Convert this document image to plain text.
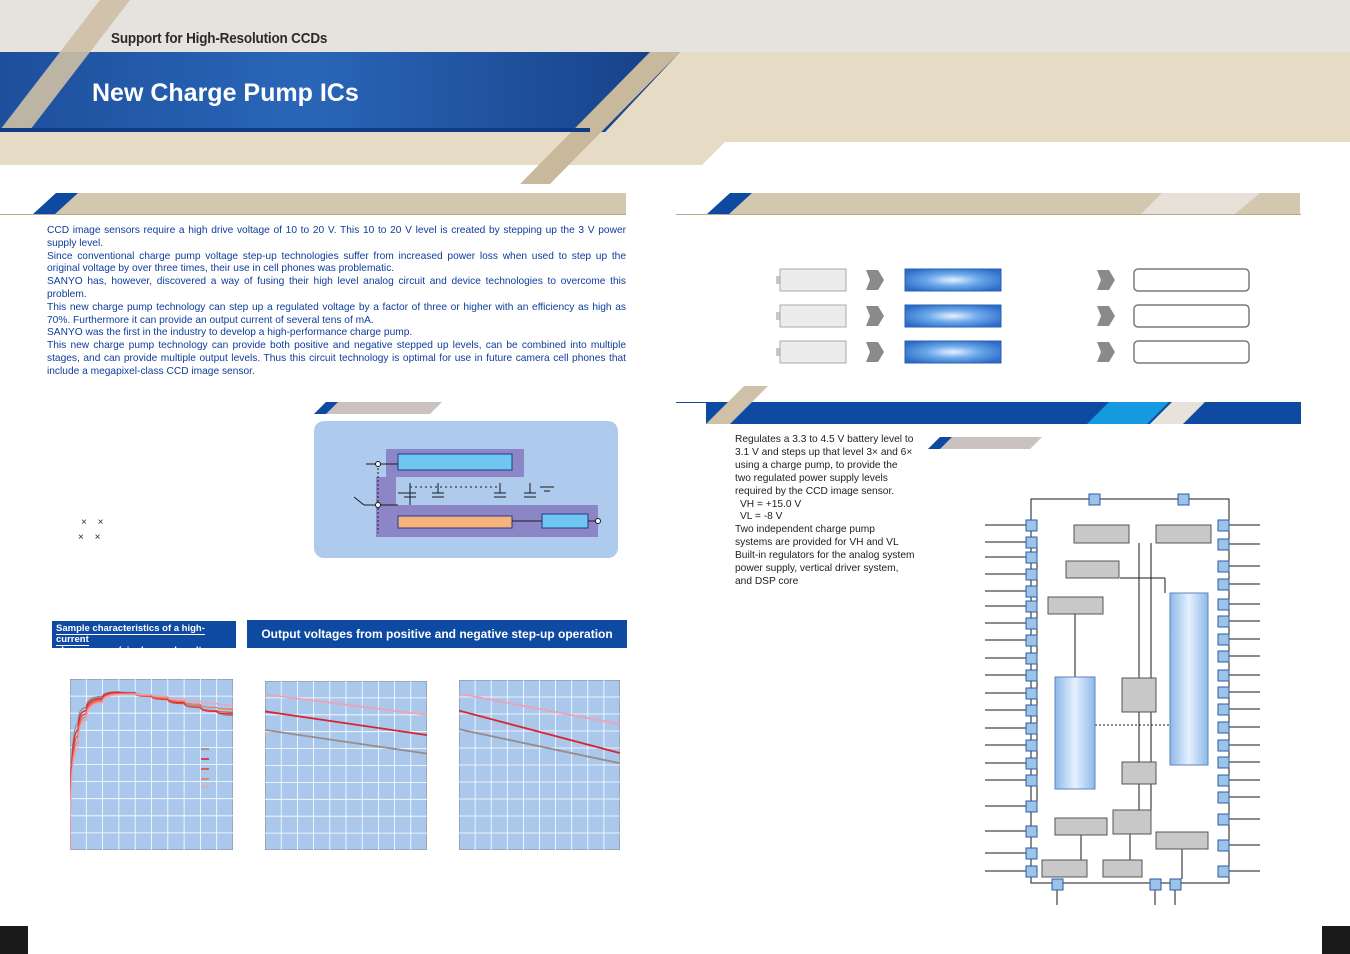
Support for High-Resolution CCDs
New Charge Pump ICs

CCD image sensors require a high drive voltage of 10 to 20 V. This 10 to 20 V level is created by stepping up the 3 V power supply level.

Since conventional charge pump voltage step-up technologies suffer from increased power loss when used to step up the original voltage by over three times, their use in cell phones was problematic.

SANYO has, however, discovered a way of fusing their high level analog circuit and device technologies to overcome this problem.

This new charge pump technology can step up a regulated voltage by a factor of three or higher with an efficiency as high as 70%. Furthermore it can provide an output current of several tens of mA.

SANYO was the first in the industry to develop a high-performance charge pump.

This new charge pump technology can provide both positive and negative stepped up levels, can be combined into multiple stages, and can provide multiple output levels. Thus this circuit technology is optimal for use in future camera cell phones that include a megapixel-class CCD image sensor.

× ×
× ×

Regulates a 3.3 to 4.5 V battery level to 3.1 V and steps up that level 3× and 6× using a charge pump, to provide the two regulated power supply levels required by the CCD image sensor.

VH = +15.0 V

VL = -8 V

Two independent charge pump systems are provided for VH and VL

Built-in regulators for the analog system power supply, vertical driver system, and DSP core

Sample characteristics of a high-current
charge pump (single supply voltage 3 )
Output voltages from positive and negative step-up operation
